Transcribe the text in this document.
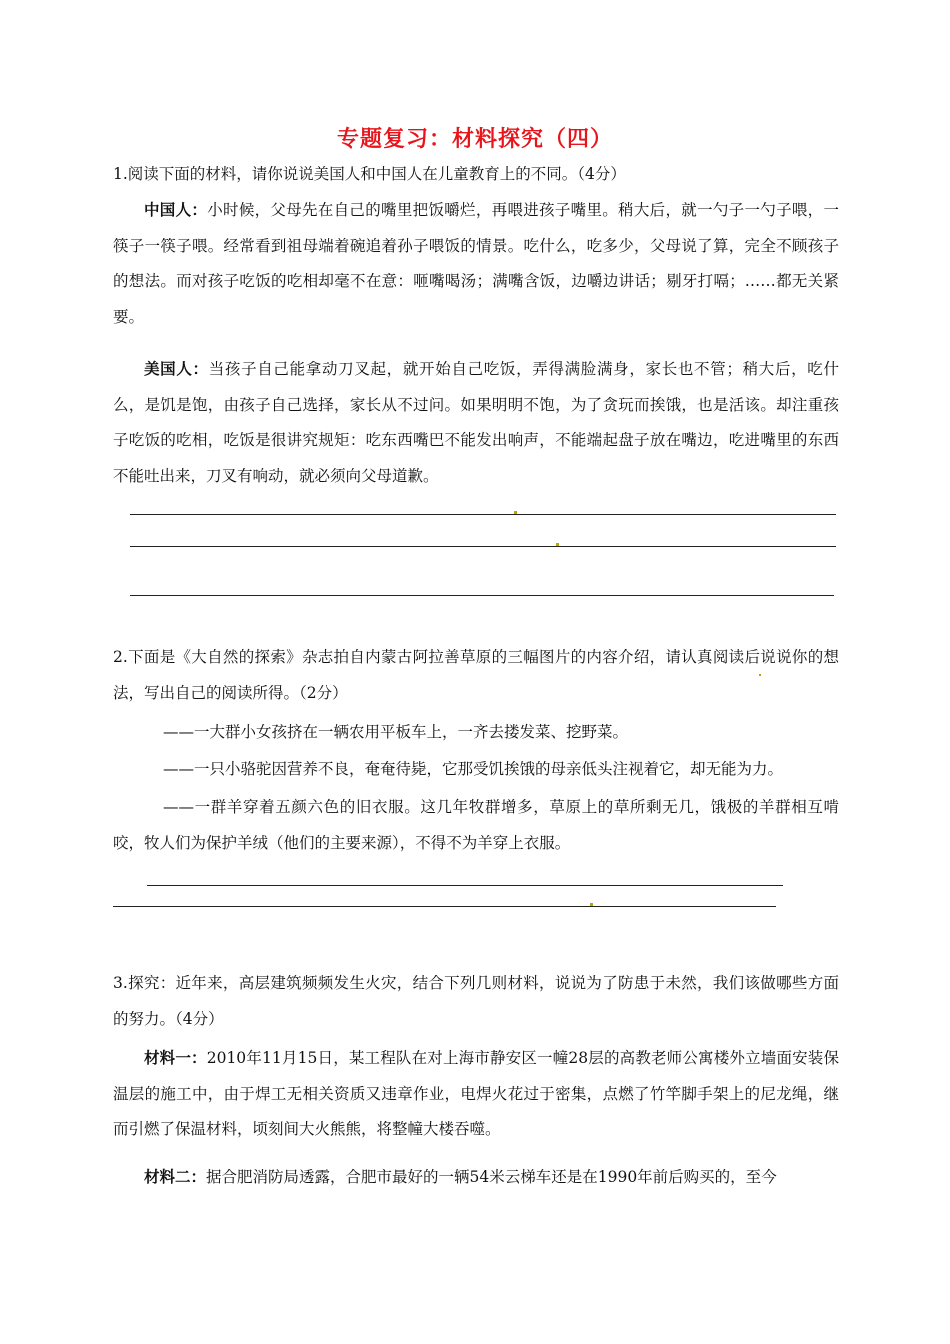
专题复习：材料探究（四）

1.阅读下面的材料，请你说说美国人和中国人在儿童教育上的不同。（4分）

中国人：小时候，父母先在自己的嘴里把饭嚼烂，再喂进孩子嘴里。稍大后，就一勺子一勺子喂，一筷子一筷子喂。经常看到祖母端着碗追着孙子喂饭的情景。吃什么，吃多少，父母说了算，完全不顾孩子的想法。而对孩子吃饭的吃相却毫不在意：咂嘴喝汤；满嘴含饭，边嚼边讲话；剔牙打嗝；……都无关紧要。

美国人：当孩子自己能拿动刀叉起，就开始自己吃饭，弄得满脸满身，家长也不管；稍大后，吃什么，是饥是饱，由孩子自己选择，家长从不过问。如果明明不饱，为了贪玩而挨饿，也是活该。却注重孩子吃饭的吃相，吃饭是很讲究规矩：吃东西嘴巴不能发出响声，不能端起盘子放在嘴边，吃进嘴里的东西不能吐出来，刀叉有响动，就必须向父母道歉。

2.下面是《大自然的探索》杂志拍自内蒙古阿拉善草原的三幅图片的内容介绍，请认真阅读后说说你的想法，写出自己的阅读所得。（2分）

——一大群小女孩挤在一辆农用平板车上，一齐去搂发菜、挖野菜。

——一只小骆驼因营养不良，奄奄待毙，它那受饥挨饿的母亲低头注视着它，却无能为力。

——一群羊穿着五颜六色的旧衣服。这几年牧群增多，草原上的草所剩无几，饿极的羊群相互啃咬，牧人们为保护羊绒（他们的主要来源），不得不为羊穿上衣服。

3.探究：近年来，高层建筑频频发生火灾，结合下列几则材料，说说为了防患于未然，我们该做哪些方面的努力。（4分）

材料一：2010年11月15日，某工程队在对上海市静安区一幢28层的高教老师公寓楼外立墙面安装保温层的施工中，由于焊工无相关资质又违章作业，电焊火花过于密集，点燃了竹竿脚手架上的尼龙绳，继而引燃了保温材料，顷刻间大火熊熊，将整幢大楼吞噬。

材料二：据合肥消防局透露，合肥市最好的一辆54米云梯车还是在1990年前后购买的，至今
